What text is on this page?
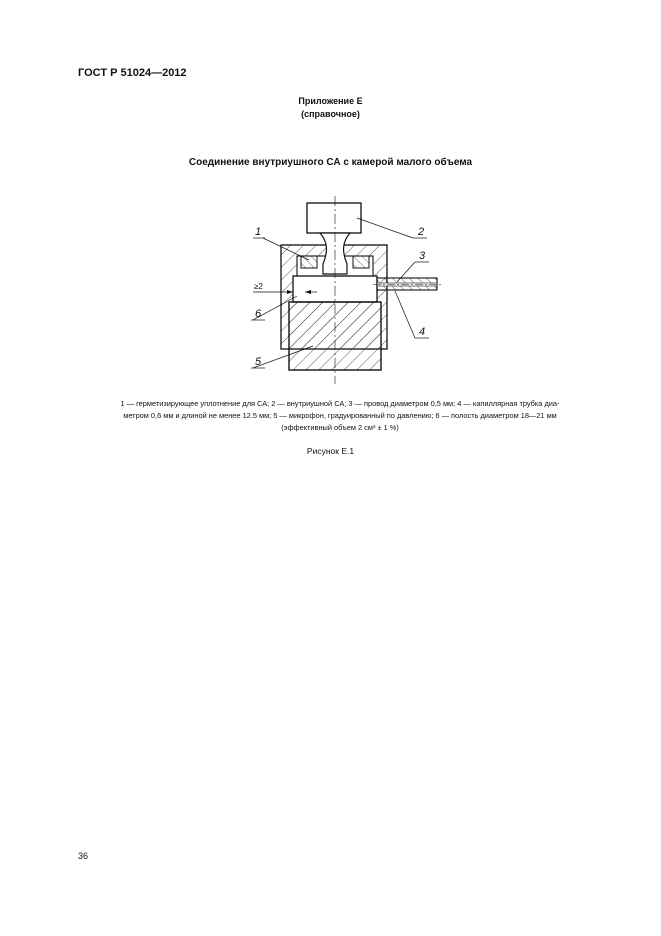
ГОСТ Р 51024—2012
Приложение Е
(справочное)
Соединение внутриушного СА с камерой малого объема
≥2
1	2
3
4
6
5
1 — герметизирующее уплотнение для СА; 2 — внутриушной СА; 3 — провод диаметром 0,5 мм; 4 — капиллярная трубка диа-
метром 0,6 мм и длиной не менее 12.5 мм; 5 — микрофон, градуированный по давлению; 6 — полость диаметром 18—21 мм
(эффективный объем 2 см³ ± 1 %)
Рисунок Е.1
36
